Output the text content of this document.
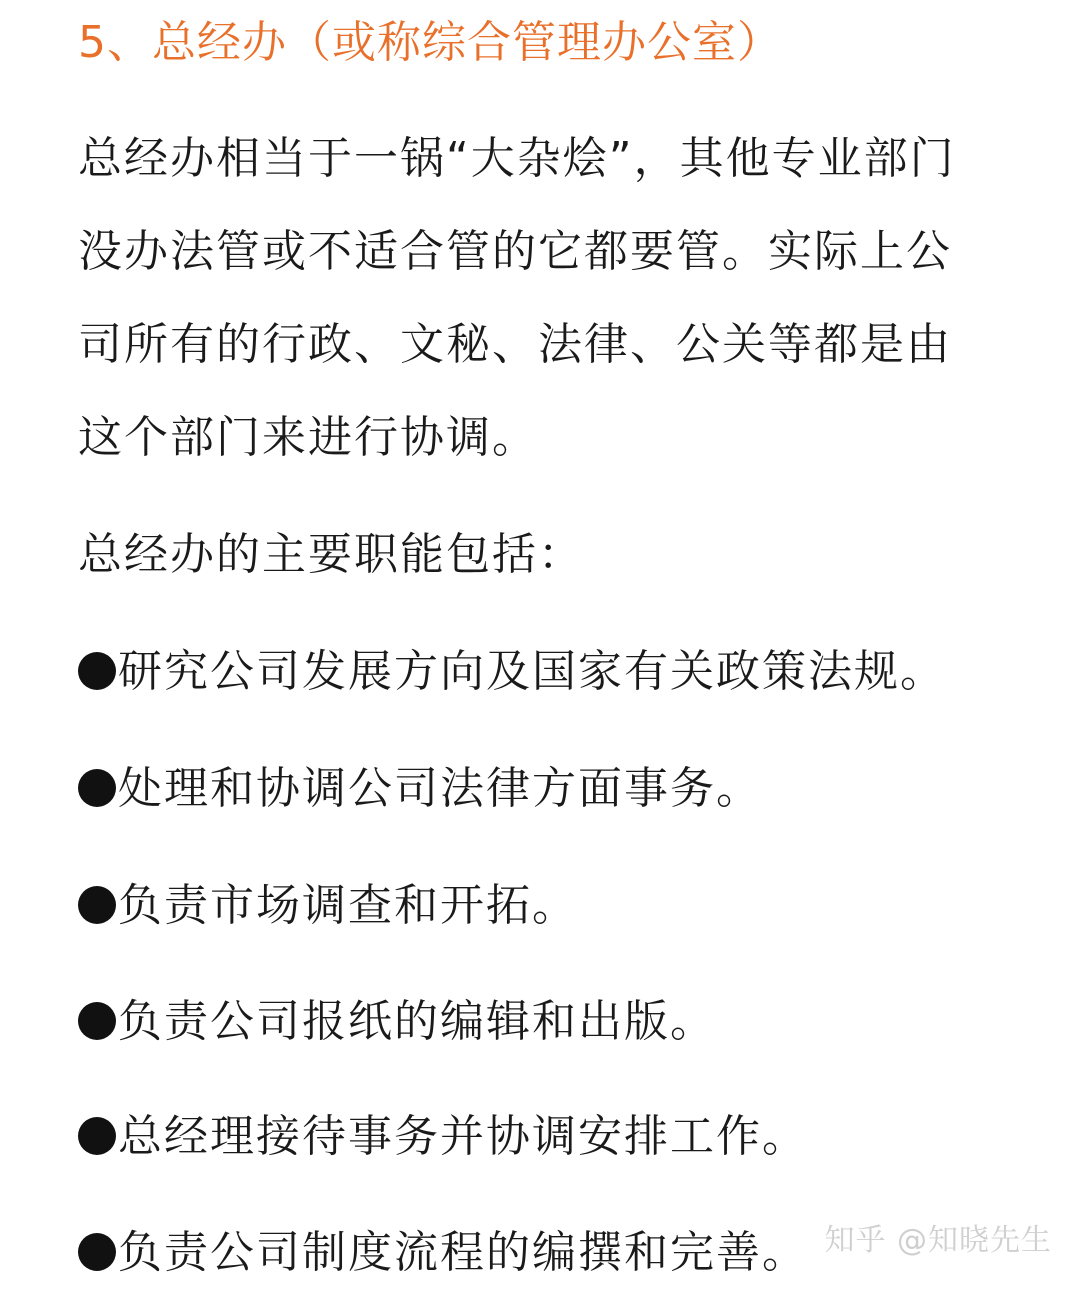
5、总经办（或称综合管理办公室）
总经办相当于一锅“大杂烩”，其他专业部门
没办法管或不适合管的它都要管。实际上公
司所有的行政、文秘、法律、公关等都是由
这个部门来进行协调。
总经办的主要职能包括：
研究公司发展方向及国家有关政策法规。
处理和协调公司法律方面事务。
负责市场调查和开拓。
负责公司报纸的编辑和出版。
总经理接待事务并协调安排工作。
负责公司制度流程的编撰和完善。 知乎 @知晓先生
